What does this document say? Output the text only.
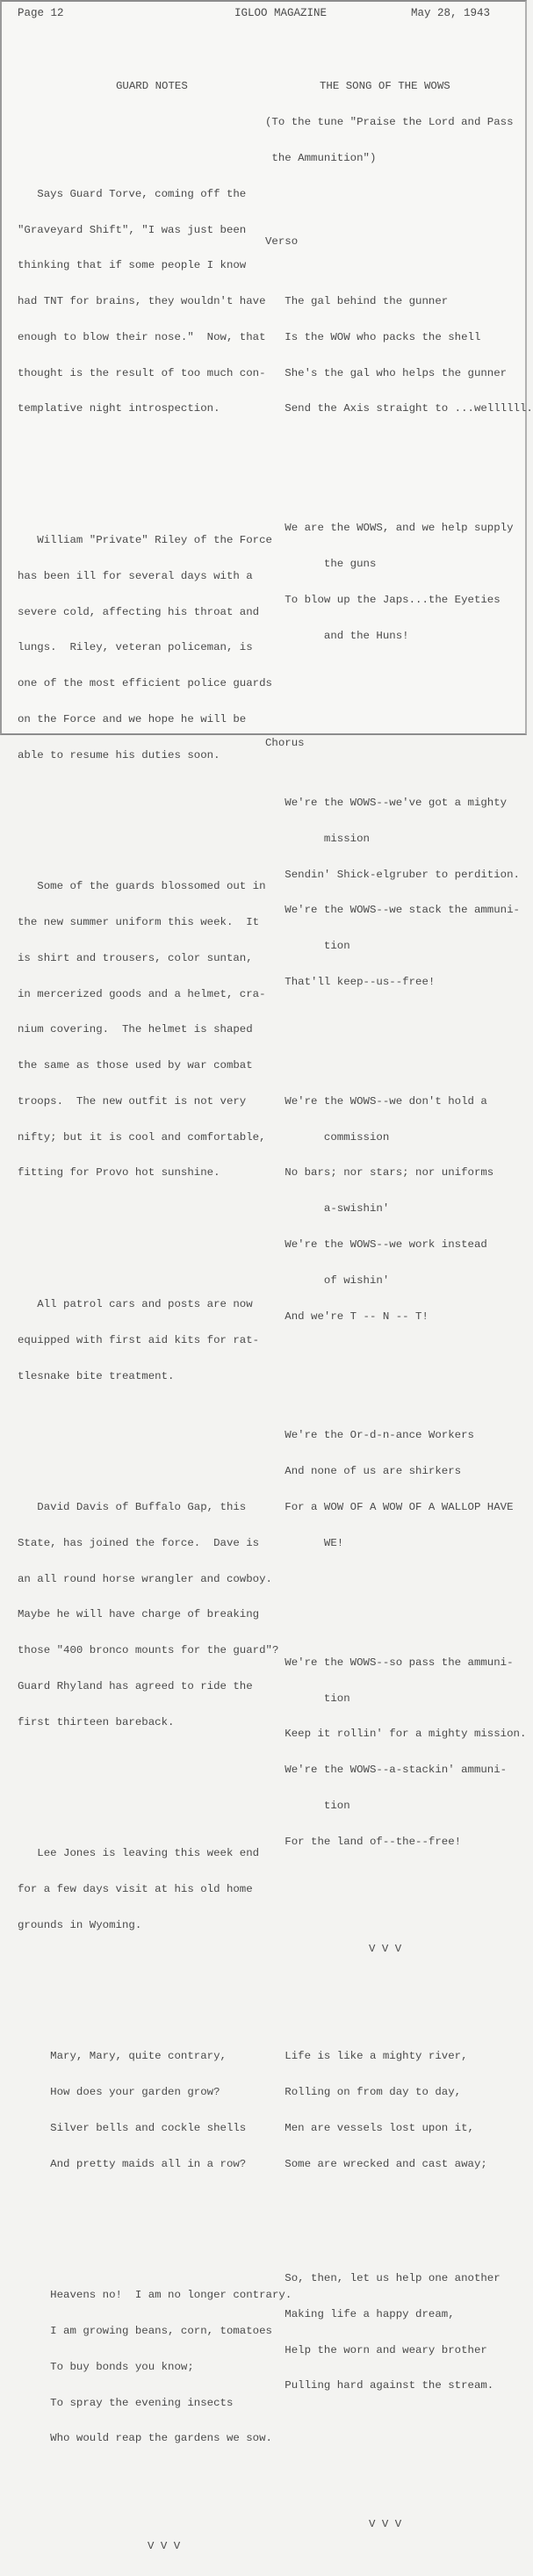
Page 12	IGLOO MAGAZINE	May 28, 1943

GUARD NOTES

Says Guard Torve, coming off the

"Graveyard Shift", "I was just been

thinking that if some people I know

had TNT for brains, they wouldn't have

enough to blow their nose."  Now, that

thought is the result of too much con-

templative night introspection.

William "Private" Riley of the Force

has been ill for several days with a

severe cold, affecting his throat and

lungs.  Riley, veteran policeman, is

one of the most efficient police guards

on the Force and we hope he will be

able to resume his duties soon.

Some of the guards blossomed out in

the new summer uniform this week.  It

is shirt and trousers, color suntan,

in mercerized goods and a helmet, cra-

nium covering.  The helmet is shaped

the same as those used by war combat

troops.  The new outfit is not very

nifty; but it is cool and comfortable,

fitting for Provo hot sunshine.

All patrol cars and posts are now

equipped with first aid kits for rat-

tlesnake bite treatment.

David Davis of Buffalo Gap, this

State, has joined the force.  Dave is

an all round horse wrangler and cowboy.

Maybe he will have charge of breaking

those "400 bronco mounts for the guard"?

Guard Rhyland has agreed to ride the

first thirteen bareback.

Lee Jones is leaving this week end

for a few days visit at his old home

grounds in Wyoming.

Mary, Mary, quite contrary,

How does your garden grow?

Silver bells and cockle shells

And pretty maids all in a row?

Heavens no!  I am no longer contrary.

I am growing beans, corn, tomatoes

To buy bonds you know;

To spray the evening insects

Who would reap the gardens we sow.

V V V

THE SONG OF THE WOWS

(To the tune "Praise the Lord and Pass

the Ammunition")

Verso

The gal behind the gunner

Is the WOW who packs the shell

She's the gal who helps the gunner

Send the Axis straight to ...wellllll.

We are the WOWS, and we help supply

the guns

To blow up the Japs...the Eyeties

and the Huns!

Chorus

We're the WOWS--we've got a mighty

mission

Sendin' Shick-elgruber to perdition.

We're the WOWS--we stack the ammuni-

tion

That'll keep--us--free!

We're the WOWS--we don't hold a

commission

No bars; nor stars; nor uniforms

a-swishin'

We're the WOWS--we work instead

of wishin'

And we're T -- N -- T!

We're the Or-d-n-ance Workers

And none of us are shirkers

For a WOW OF A WOW OF A WALLOP HAVE

WE!

We're the WOWS--so pass the ammuni-

tion

Keep it rollin' for a mighty mission.

We're the WOWS--a-stackin' ammuni-

tion

For the land of--the--free!

V V V

Life is like a mighty river,

Rolling on from day to day,

Men are vessels lost upon it,

Some are wrecked and cast away;

So, then, let us help one another

Making life a happy dream,

Help the worn and weary brother

Pulling hard against the stream.

V V V
